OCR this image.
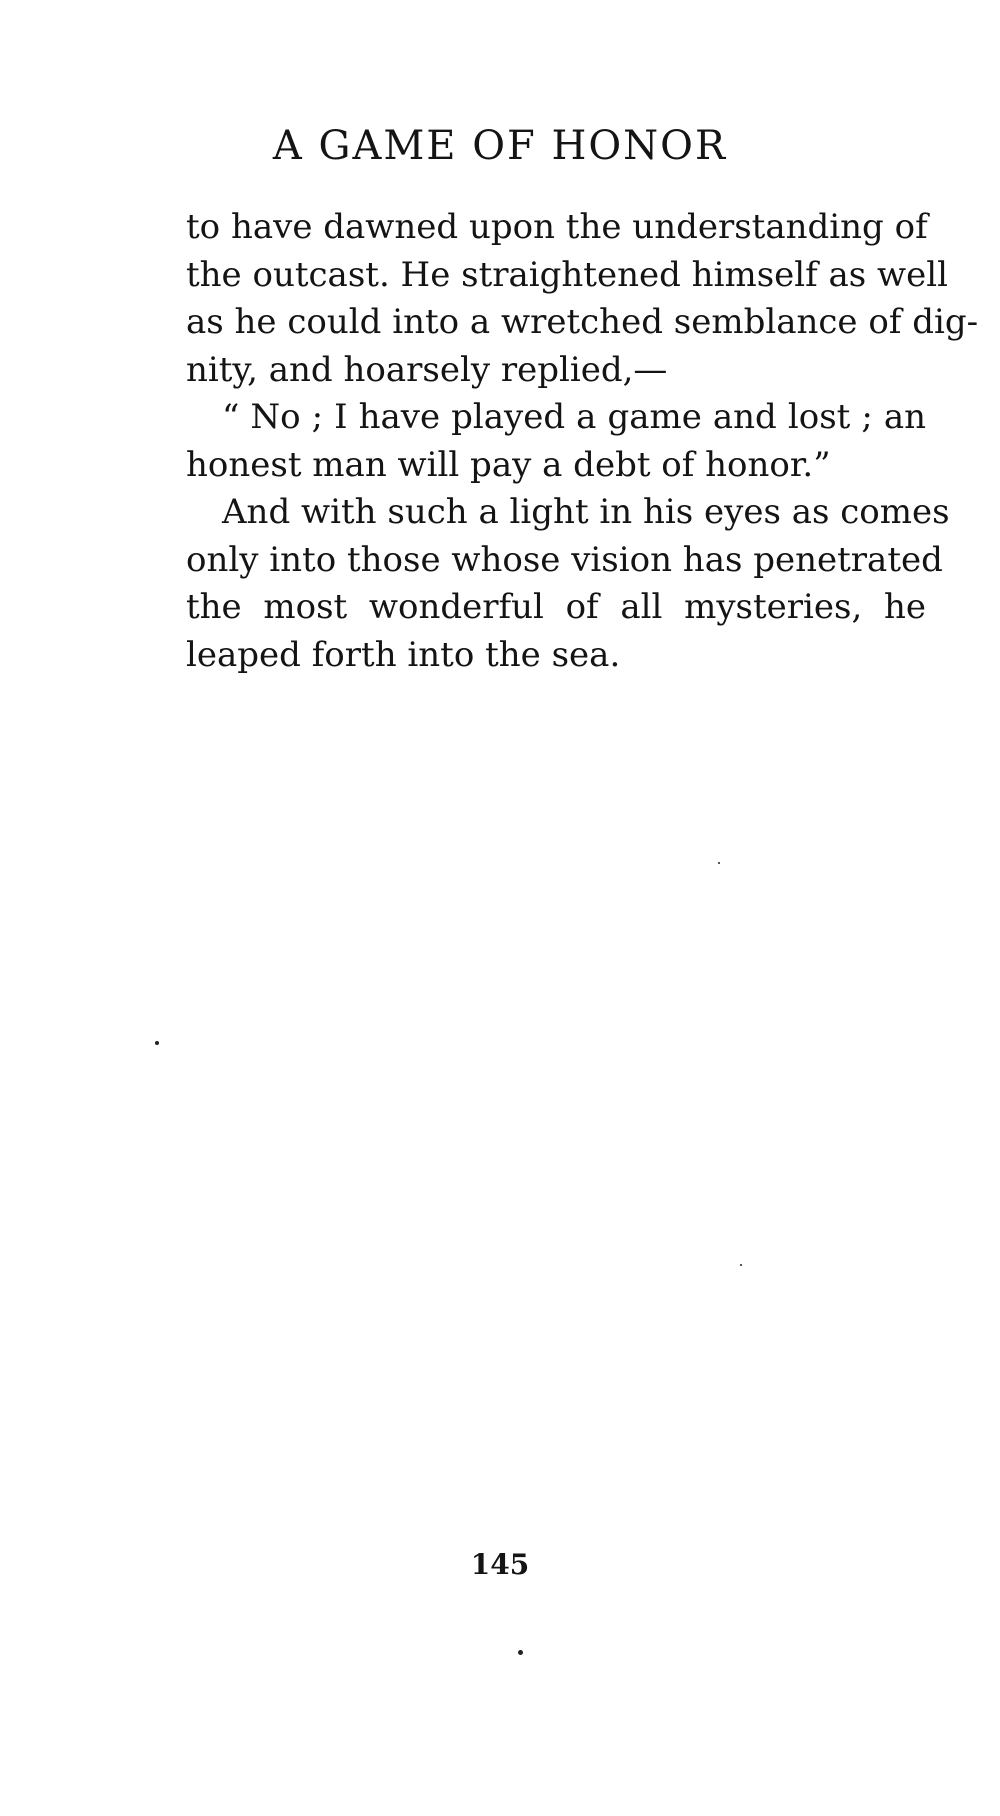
A GAME OF HONOR
to have dawned upon the understanding of
the outcast. He straightened himself as well
as he could into a wretched semblance of dig-
nity, and hoarsely replied,—
“ No ; I have played a game and lost ; an
honest man will pay a debt of honor.”
And with such a light in his eyes as comes
only into those whose vision has penetrated
the most wonderful of all mysteries, he
leaped forth into the sea.
145
